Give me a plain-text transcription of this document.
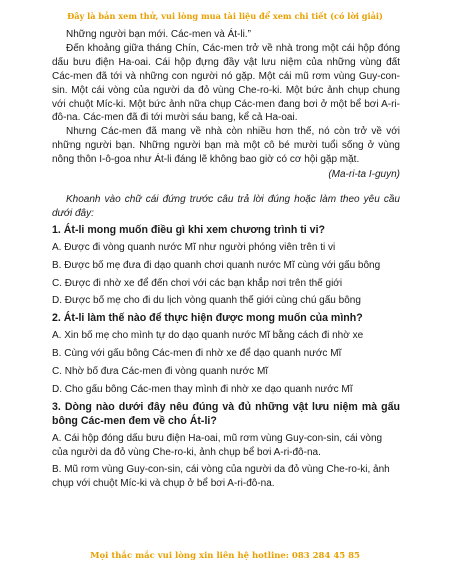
Đây là bản xem thử, vui lòng mua tài liệu để xem chi tiết (có lời giải)

Những người bạn mới. Các-men và Át-li.”

Đến khoảng giữa tháng Chín, Các-men trở về nhà trong một cái hộp đóng dấu bưu điện Ha-oai. Cái hộp đựng đầy vật lưu niệm của những vùng đất Các-men đã tới và những con người nó gặp. Một cái mũ rơm vùng Guy-con-sin. Một cái vòng của người da đỏ vùng Che-ro-ki. Một bức ảnh chụp chung với chuột Míc-ki. Một bức ảnh nữa chụp Các-men đang bơi ở một bể bơi A-ri-đô-na. Các-men đã đi tới mười sáu bang, kể cả Ha-oai.

Nhưng Các-men đã mang về nhà còn nhiều hơn thế, nó còn trở về với những người bạn. Những người bạn mà một cô bé mười tuổi sống ở vùng nông thôn I-ô-goa như Át-li đáng lẽ không bao giờ có cơ hội gặp mặt.

(Ma-ri-ta I-guyn)

Khoanh vào chữ cái đứng trước câu trả lời đúng hoặc làm theo yêu cầu dưới đây:

1. Át-li mong muốn điều gì khi xem chương trình ti vi?

A. Được đi vòng quanh nước Mĩ như người phóng viên trên ti vi

B. Được bố mẹ đưa đi dạo quanh chơi quanh nước Mĩ cùng với gấu bông

C. Được đi nhờ xe để đến chơi với các bạn khắp nơi trên thế giới

D. Được bố mẹ cho đi du lịch vòng quanh thế giới cùng chú gấu bông

2. Át-li làm thế nào để thực hiện được mong muốn của mình?

A. Xin bố mẹ cho mình tự do dạo quanh nước Mĩ bằng cách đi nhờ xe

B. Cùng với gấu bông Các-men đi nhờ xe để dạo quanh nước Mĩ

C. Nhờ bố đưa Các-men đi vòng quanh nước Mĩ

D. Cho gấu bông Các-men thay mình đi nhờ xe dạo quanh nước Mĩ

3. Dòng nào dưới đây nêu đúng và đủ những vật lưu niệm mà gấu bông Các-men đem về cho Át-li?

A. Cái hộp đóng dấu bưu điện Ha-oai, mũ rơm vùng Guy-con-sin, cái vòng của người da đỏ vùng Che-ro-ki, ảnh chụp bể bơi A-ri-đô-na.

B. Mũ rơm vùng Guy-con-sin, cái vòng của người da đỏ vùng Che-ro-ki, ảnh chụp với chuột Míc-ki và chụp ở bể bơi A-ri-đô-na.

Mọi thắc mắc vui lòng xin liên hệ hotline: 083 284 45 85
